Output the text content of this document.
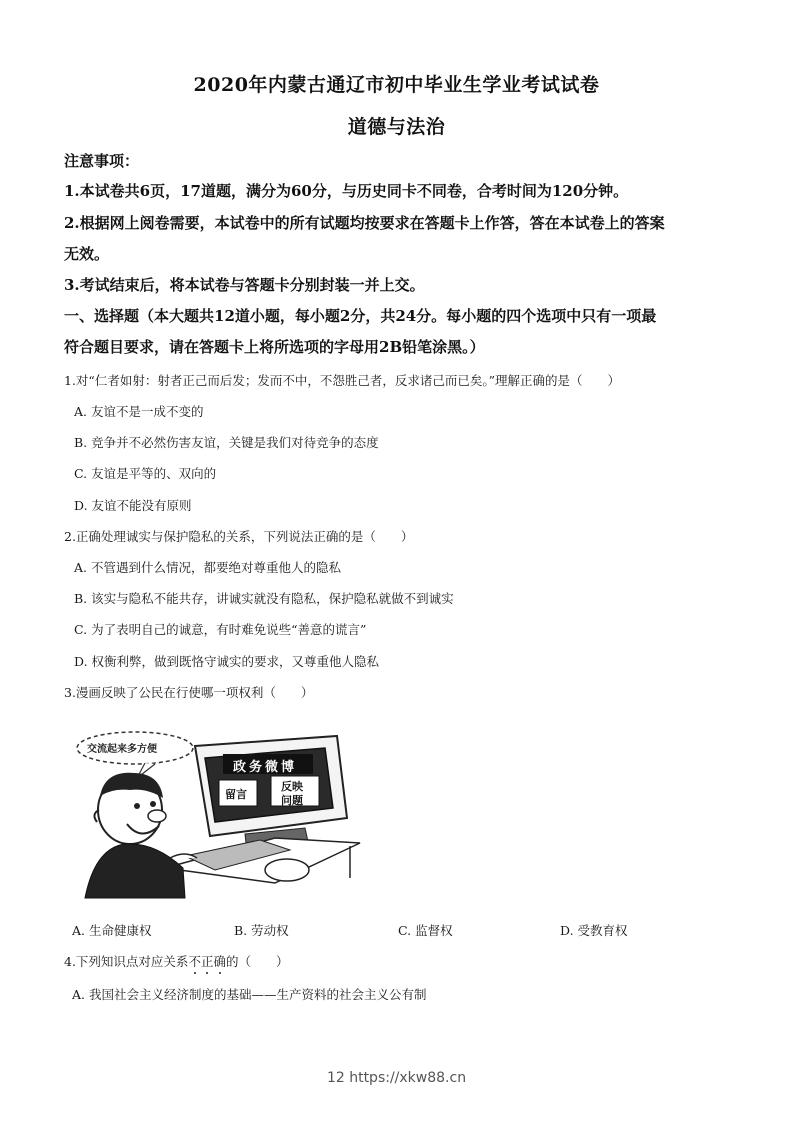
2020年内蒙古通辽市初中毕业生学业考试试卷
道德与法治
注意事项：
1.本试卷共6页，17道题，满分为60分，与历史同卡不同卷，合考时间为120分钟。
2.根据网上阅卷需要，本试卷中的所有试题均按要求在答题卡上作答，答在本试卷上的答案
无效。
3.考试结束后，将本试卷与答题卡分别封装一并上交。
一、选择题（本大题共12道小题，每小题2分，共24分。每小题的四个选项中只有一项最
符合题目要求，请在答题卡上将所选项的字母用2B铅笔涂黑。）
1.对“仁者如射：射者正己而后发；发而不中，不怨胜己者，反求诸己而已矣。”理解正确的是（　　）
A. 友谊不是一成不变的
B. 竞争并不必然伤害友谊，关键是我们对待竞争的态度
C. 友谊是平等的、双向的
D. 友谊不能没有原则
2.正确处理诚实与保护隐私的关系，下列说法正确的是（　　）
A. 不管遇到什么情况，都要绝对尊重他人的隐私
B. 该实与隐私不能共存，讲诚实就没有隐私，保护隐私就做不到诚实
C. 为了表明自己的诚意，有时难免说些“善意的谎言”
D. 权衡利弊，做到既恪守诚实的要求，又尊重他人隐私
3.漫画反映了公民在行使哪一项权利（　　）
交流起来多方便
政务微博
留言
反映
问题
A. 生命健康权	B. 劳动权	C. 监督权	D. 受教育权
4.下列知识点对应关系不正确的（　　）
A. 我国社会主义经济制度的基础——生产资料的社会主义公有制
12 https://xkw88.cn
